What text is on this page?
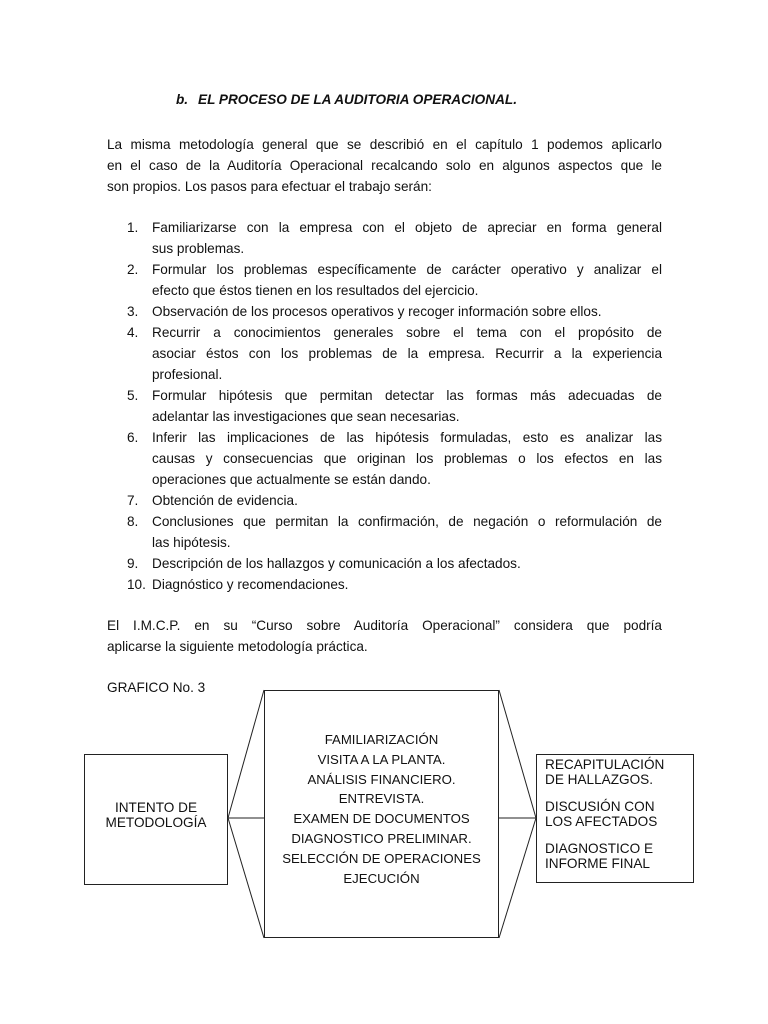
b. EL PROCESO DE LA AUDITORIA OPERACIONAL.
La misma metodología general que se describió en el capítulo 1 podemos aplicarlo
en el caso de la Auditoría Operacional recalcando solo en algunos aspectos que le
son propios. Los pasos para efectuar el trabajo serán:
1.	Familiarizarse con la empresa con el objeto de apreciar en forma general
sus problemas.
2.	Formular los problemas específicamente de carácter operativo y analizar el
efecto que éstos tienen en los resultados del ejercicio.
3.	Observación de los procesos operativos y recoger información sobre ellos.
4.	Recurrir a conocimientos generales sobre el tema con el propósito de
asociar éstos con los problemas de la empresa. Recurrir a la experiencia
profesional.
5.	Formular hipótesis que permitan detectar las formas más adecuadas de
adelantar las investigaciones que sean necesarias.
6.	Inferir las implicaciones de las hipótesis formuladas, esto es analizar las
causas y consecuencias que originan los problemas o los efectos en las
operaciones que actualmente se están dando.
7.	Obtención de evidencia.
8.	Conclusiones que permitan la confirmación, de negación o reformulación de
las hipótesis.
9.	Descripción de los hallazgos y comunicación a los afectados.
10. Diagnóstico y recomendaciones.
El I.M.C.P. en su “Curso sobre Auditoría Operacional” considera que podría
aplicarse la siguiente metodología práctica.
GRAFICO No. 3
INTENTO DE
METODOLOGÍA
FAMILIARIZACIÓN
VISITA A LA PLANTA.
ANÁLISIS FINANCIERO.
ENTREVISTA.
EXAMEN DE DOCUMENTOS
DIAGNOSTICO PRELIMINAR.
SELECCIÓN DE OPERACIONES
EJECUCIÓN
RECAPITULACIÓN
DE HALLAZGOS.
DISCUSIÓN CON
LOS AFECTADOS
DIAGNOSTICO E
INFORME FINAL
